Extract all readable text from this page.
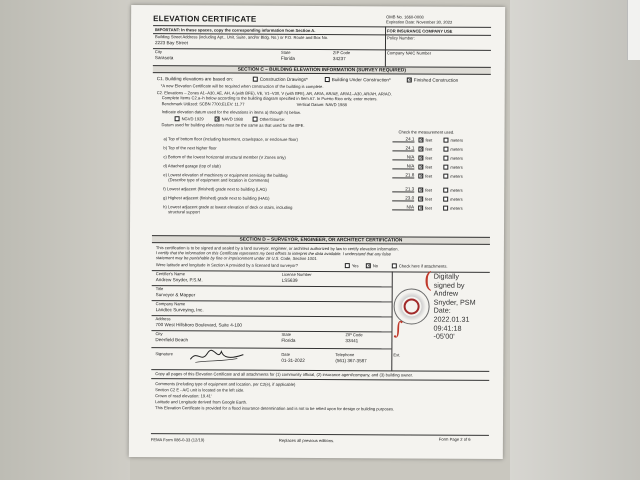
ELEVATION CERTIFICATE	OMB No. 1660-0008
Expiration Date: November 30, 2022
IMPORTANT: In these spaces, copy the corresponding information from Section A.	FOR INSURANCE COMPANY USE
Building Street Address (including Apt., Unit, Suite, and/or Bldg. No.) or P.O. Route and Box No.
2223 Bay Street
Policy Number:
City
Sarasota
State
Florida
ZIP Code
34237
Company NAIC Number
SECTION C – BUILDING ELEVATION INFORMATION (SURVEY REQUIRED)
C1. Building elevations are based on:	Construction Drawings*	Building Under Construction*	✕ Finished Construction
*A new Elevation Certificate will be required when construction of the building is complete.
C2. Elevations – Zones A1–A30, AE, AH, A (with BFE), VE, V1–V30, V (with BFE), AR, AR/A, AR/AE, AR/A1–A30, AR/AH, AR/AO.
Complete Items C2.a–h below according to the building diagram specified in Item A7. In Puerto Rico only, enter meters.
Benchmark Utilized: SCBN 7700;ELEV: 11.77	Vertical Datum: NAVD 1988
Indicate elevation datum used for the elevations in items a) through h) below.
NGVD 1929	✕ NAVD 1988	Other/Source:
Datum used for building elevations must be the same as that used for the BFE.
Check the measurement used.
a) Top of bottom floor (including basement, crawlspace, or enclosure floor)	24.1 ✕ feet	meters
b) Top of the next higher floor	24.1 ✕ feet	meters
c) Bottom of the lowest horizontal structural member (V Zones only)	N/A ✕ feet	meters
d) Attached garage (top of slab)	N/A ✕ feet	meters
e) Lowest elevation of machinery or equipment servicing the building
(Describe type of equipment and location in Comments)
21.8 ✕ feet	meters
f) Lowest adjacent (finished) grade next to building (LAG)	21.3 ✕ feet	meters
g) Highest adjacent (finished) grade next to building (HAG)	23.0 ✕ feet	meters
h) Lowest adjacent grade at lowest elevation of deck or stairs, including
structural support
N/A ✕ feet	meters
SECTION D – SURVEYOR, ENGINEER, OR ARCHITECT CERTIFICATION
This certification is to be signed and sealed by a land surveyor, engineer, or architect authorized by law to certify elevation information.
I certify that the information on this Certificate represents my best efforts to interpret the data available. I understand that any false
statement may be punishable by fine or imprisonment under 18 U.S. Code, Section 1001.
Were latitude and longitude in Section A provided by a licensed land surveyor?	Yes ✕ No	Check here if attachments.
Certifier's Name
Andrew Snyder, P.S.M.
License Number
LS5639
Title
Surveyor & Mapper
Company Name
Landtec Surveying, Inc.
Address
700 West Hillsboro Boulevard, Suite 4-100
City
Deerfield Beach
State
Florida
ZIP Code
33441
Signature	Date
01-31-2022
Telephone
(561) 367-3587
Ext.
(
∫
Digitally
signed by
Andrew
Snyder, PSM
Date:
2022.01.31
09:41:18
-05'00'
Copy all pages of this Elevation Certificate and all attachments for (1) community official, (2) insurance agent/company, and (3) building owner.
Comments (including type of equipment and location, per C2(e), if applicable)
Section C2 E - A/C unit is located on the left side.
Crown of road elevation: 19.41'
Latitude and Longitude derived from Google Earth.
This Elevation Certificate is provided for a flood insurance determination and is not to be relied upon for design or building purposes.
FEMA Form 086-0-33 (12/19)	Replaces all previous editions.	Form Page 2 of 6
